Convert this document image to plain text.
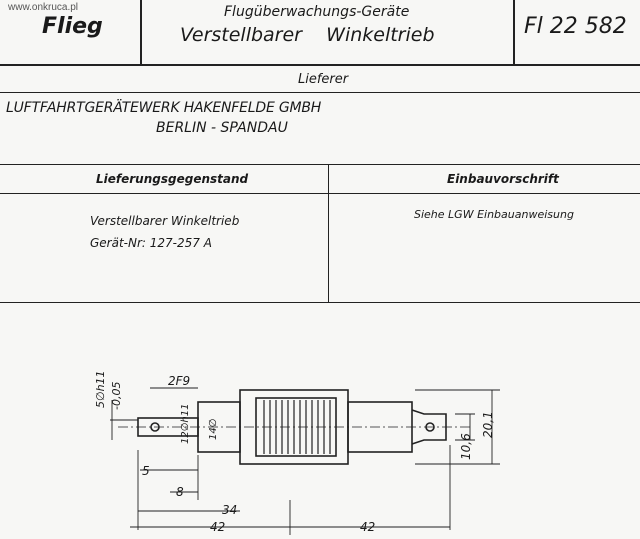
www.onkruca.pl
Flieg
Flugüberwachungs-Geräte
Verstellbarer    Winkeltrieb	Fl 22 582
Lieferer
LUFTFAHRTGERÄTEWERK HAKENFELDE GMBH
BERLIN - SPANDAU
Lieferungsgegenstand	Einbauvorschrift
Verstellbarer Winkeltrieb
Gerät-Nr: 127-257 A
Siehe LGW Einbauanweisung
5∅h11 -0,05
2F9
12∅h11 14∅
10,6
20,1
5
8
34
42	42
